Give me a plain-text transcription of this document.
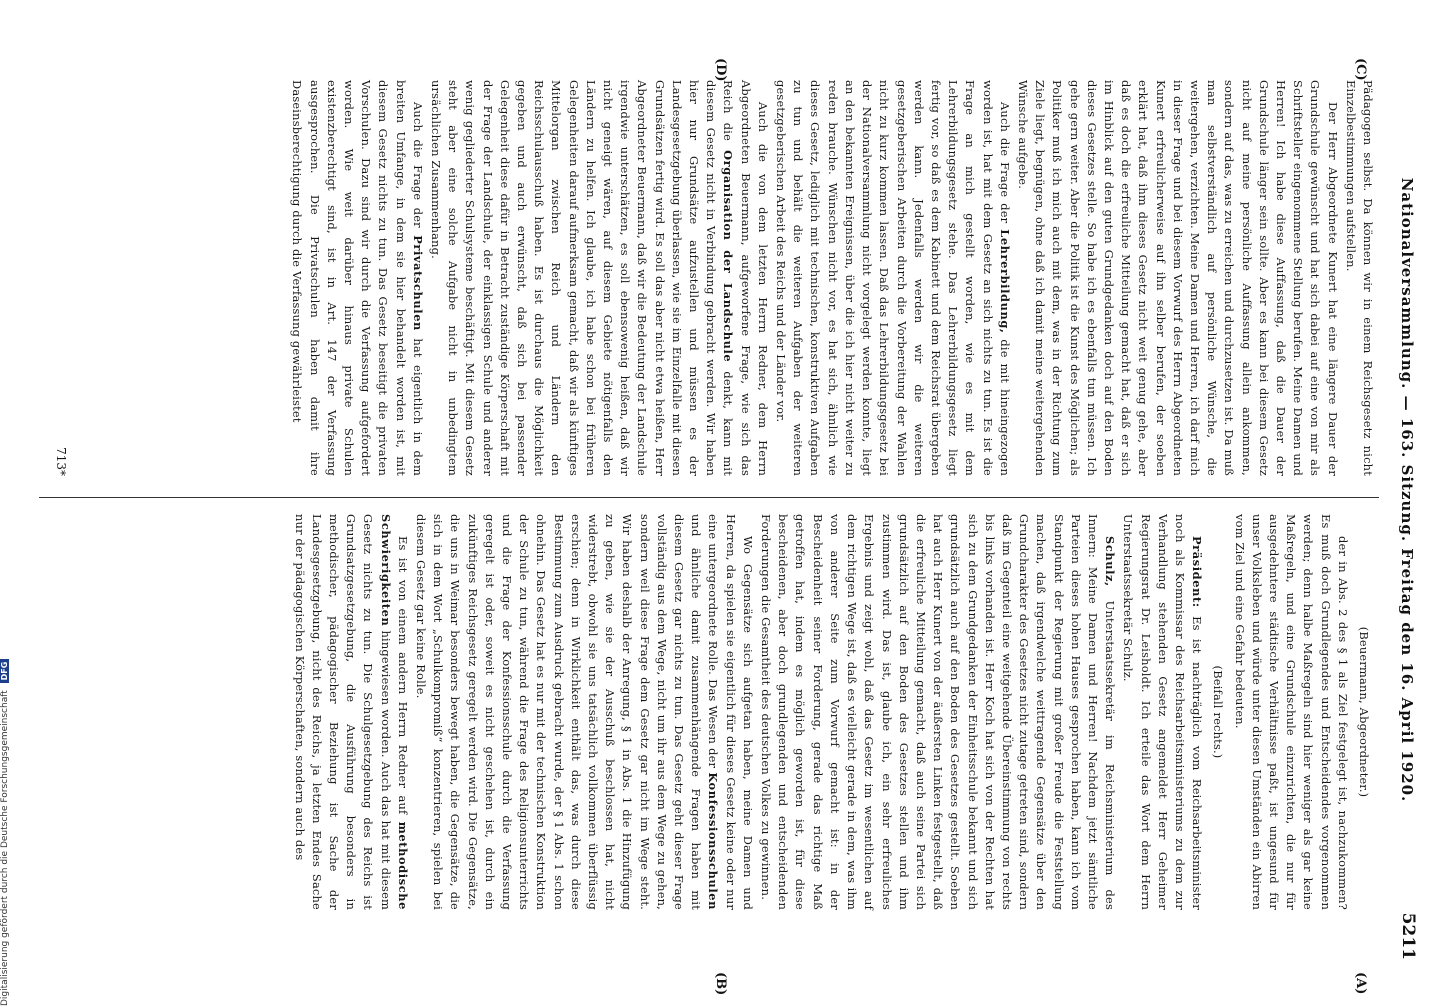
Nationalversammlung. — 163. Sitzung. Freitag den 16. April 1920.
5211
(A)
(B)
(C)
(D)

(Beuermann, Abgeordneter.)

der in Abs. 2 des § 1 als Ziel festgelegt ist, nachzukommen? Es muß doch Grundlegendes und Entscheidendes vorgenommen werden; denn halbe Maßregeln sind hier weniger als gar keine Maßregeln, und eine Grundschule einzurichten, die nur für ausgedehntere städtische Verhältnisse paßt, ist ungesund für unser Volksleben und würde unter diesen Umständen ein Abirren vom Ziel und eine Gefahr bedeuten.

(Beifall rechts.)

Präsident: Es ist nachträglich vom Reichsarbeitsminister noch als Kommissar des Reichsarbeitsministeriums zu dem zur Verhandlung stehenden Gesetz angemeldet Herr Geheimer Regierungsrat Dr. Leisholdt. Ich erteile das Wort dem Herrn Unterstaatssekretär Schulz.

Schulz, Unterstaatssekretär im Reichsministerium des Innern: Meine Damen und Herren! Nachdem jetzt sämtliche Parteien dieses hohen Hauses gesprochen haben, kann ich vom Standpunkt der Regierung mit großer Freude die Feststellung machen, daß irgendwelche weittragende Gegensätze über den Grundcharakter des Gesetzes nicht zutage getreten sind, sondern daß im Gegenteil eine weitgehende Übereinstimmung von rechts bis links vorhanden ist. Herr Koch hat sich von der Rechten hat sich zu dem Grundgedanken der Einheitsschule bekannt und sich grundsätzlich auch auf den Boden des Gesetzes gestellt. Soeben hat auch Herr Kunert von der äußersten Linken festgestellt, daß die erfreuliche Mitteilung gemacht, daß auch seine Partei sich grundsätzlich auf den Boden des Gesetzes stellen und ihm zustimmen wird. Das ist, glaube ich, ein sehr erfreuliches Ergebnis und zeigt wohl, daß das Gesetz im wesentlichen auf dem richtigen Wege ist, daß es vielleicht gerade in dem, was ihm von anderer Seite zum Vorwurf gemacht ist: in der Bescheidenheit seiner Forderung, gerade das richtige Maß getroffen hat, indem es möglich geworden ist, für diese bescheidenen, aber doch grundlegenden und entscheidenden Forderungen die Gesamtheit des deutschen Volkes zu gewinnen.

Wo Gegensätze sich aufgetan haben, meine Damen und Herren, da spielen sie eigentlich für dieses Gesetz keine oder nur eine untergeordnete Rolle. Das Wesen der Konfessionsschulen und ähnliche damit zusammenhängende Fragen haben mit diesem Gesetz gar nichts zu tun. Das Gesetz geht dieser Frage vollständig aus dem Wege, nicht um ihr aus dem Wege zu gehen, sondern weil diese Frage dem Gesetz gar nicht im Wege steht. Wir haben deshalb der Anregung, § 1 in Abs. 1 die Hinzufügung zu geben, wie sie der Ausschuß beschlossen hat, nicht widerstrebt, obwohl sie uns tatsächlich vollkommen überflüssig erschien; denn in Wirklichkeit enthält das, was durch diese Bestimmung zum Ausdruck gebracht wurde, der § 1 Abs. 1 schon ohnehin. Das Gesetz hat es nur mit der technischen Konstruktion der Schule zu tun, während die Frage des Religionsunterrichts und die Frage der Konfessionsschule durch die Verfassung geregelt ist oder, soweit es nicht geschehen ist, durch ein zukünftiges Reichsgesetz geregelt werden wird. Die Gegensätze, die uns in Weimar besonders bewegt haben, die Gegensätze, die sich in dem Wort „Schulkompromiß“ konzentrieren, spielen bei diesem Gesetz gar keine Rolle.

Es ist von einem andern Herrn Redner auf methodische Schwierigkeiten hingewiesen worden. Auch das hat mit diesem Gesetz nichts zu tun. Die Schulgesetzgebung des Reichs ist Grundsatzgesetzgebung, die Ausführung besonders in methodischer, pädagogischer Beziehung ist Sache der Landesgesetzgebung, nicht des Reichs, ja letzten Endes Sache nur der pädagogischen Körperschaften, sondern auch des

Pädagogen selbst. Da können wir in einem Reichsgesetz nicht Einzelbestimmungen aufstellen.

Der Herr Abgeordnete Kunert hat eine längere Dauer der Grundschule gewünscht und hat sich dabei auf eine von mir als Schriftsteller eingenommene Stellung berufen. Meine Damen und Herren! Ich habe diese Auffassung, daß die Dauer der Grundschule länger sein sollte. Aber es kann bei diesem Gesetz nicht auf meine persönliche Auffassung allein ankommen, sondern auf das, was zu erreichen und durchzusetzen ist. Da muß man selbstverständlich auf persönliche Wünsche, die weitergehen, verzichten. Meine Damen und Herren, ich darf mich in dieser Frage und bei diesem Vorwurf des Herrn Abgeordneten Kunert erfreulicherweise auf ihn selber berufen, der soeben erklärt hat, daß ihm dieses Gesetz nicht weit genug gehe, aber daß es doch die erfreuliche Mitteilung gemacht hat, daß er sich im Hinblick auf den guten Grundgedanken doch auf den Boden dieses Gesetzes stelle. So habe ich es ebenfalls tun müssen. Ich gehe gern weiter. Aber die Politik ist die Kunst des Möglichen; als Politiker muß ich mich auch mit dem, was in der Richtung zum Ziele liegt, begnügen, ohne daß ich damit meine weitergehenden Wünsche aufgebe.

Auch die Frage der Lehrerbildung, die mit hineingezogen worden ist, hat mit dem Gesetz an sich nichts zu tun. Es ist die Frage an mich gestellt worden, wie es mit dem Lehrerbildungsgesetz stehe. Das Lehrerbildungsgesetz liegt fertig vor, so daß es dem Kabinett und dem Reichsrat übergeben werden kann. Jedenfalls werden wir die weiteren gesetzgeberischen Arbeiten durch die Vorbereitung der Wahlen nicht zu kurz kommen lassen. Daß das Lehrerbildungsgesetz bei der Nationalversammlung nicht vorgelegt werden konnte, liegt an den bekannten Ereignissen, über die ich hier nicht weiter zu reden brauche. Wünschen nicht vor, es hat sich, ähnlich wie dieses Gesetz, lediglich mit technischen, konstruktiven Aufgaben zu tun und behält die weiteren Aufgaben der weiteren gesetzgeberischen Arbeit des Reichs und der Länder vor.

Auch die von dem letzten Herrn Redner, dem Herrn Abgeordneten Beuermann, aufgeworfene Frage, wie sich das Reich die Organisation der Landschule denkt, kann mit diesem Gesetz nicht in Verbindung gebracht werden. Wir haben hier nur Grundsätze aufzustellen und müssen es der Landesgesetzgebung überlassen, wie sie im Einzelfalle mit diesen Grundsätzen fertig wird. Es soll das aber nicht etwa heißen, Herr Abgeordneter Beuermann, daß wir die Bedeutung der Landschule irgendwie unterschätzen, es soll ebensowenig heißen, daß wir nicht geneigt wären, auf diesem Gebiete nötigenfalls den Ländern zu helfen. Ich glaube, ich habe schon bei früheren Gelegenheiten darauf aufmerksam gemacht, daß wir als künftiges Mittelorgan zwischen Reich und Ländern den Reichsschulausschuß haben. Es ist durchaus die Möglichkeit gegeben und auch erwünscht, daß sich bei passender Gelegenheit diese dafür in Betracht zuständige Körperschaft mit der Frage der Landschule, der einklassigen Schule und anderer wenig gegliederter Schulsysteme beschäftigt. Mit diesem Gesetz steht aber eine solche Aufgabe nicht in unbedingtem ursächlichen Zusammenhang.

Auch die Frage der Privatschulen hat eigentlich in dem breiten Umfange, in dem sie hier behandelt worden ist, mit diesem Gesetz nichts zu tun. Das Gesetz beseitigt die privaten Vorschulen. Dazu sind wir durch die Verfassung aufgefordert worden. Wie weit darüber hinaus private Schulen existenzberechtigt sind, ist in Art. 147 der Verfassung ausgesprochen. Die Privatschulen haben damit ihre Daseinsberechtigung durch die Verfassung gewährleistet

713*
Digitalisierung gefördert durch die Deutsche Forschungsgemeinschaft DFG
